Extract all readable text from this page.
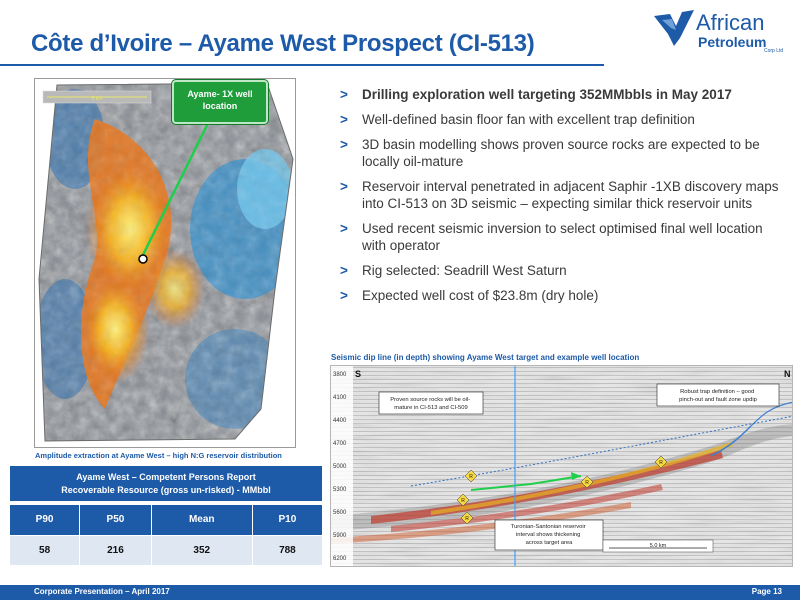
Côte d’Ivoire – Ayame West Prospect (CI-513)
African
Petroleum
Corp Ltd
5 km	Ayame- 1X well location
Amplitude extraction at Ayame West – high N:G reservoir distribution
>	Drilling exploration well targeting 352MMbbls in May 2017
>	Well-defined basin floor fan with excellent trap definition
>	3D basin modelling shows proven source rocks are expected to be locally oil-mature
>	Reservoir interval penetrated in adjacent Saphir -1XB discovery maps into CI-513 on 3D seismic – expecting similar thick reservoir units
>	Used recent seismic inversion to select optimised final well location with operator
>	Rig selected: Seadrill West Saturn
>	Expected well cost of $23.8m (dry hole)
Seismic dip line (in depth) showing Ayame West target and example well location
3800
4100
4400
4700
5000
5300
5600
5900
6200
S	N
Proven source rocks will be oil- mature in CI-513 and CI-509
Robust trap definition – good pinch-out and fault zone updip
Turonian-Santonian reservoir interval shows thickening across target area	5.0 km
R
R
R
R
R
Ayame West – Competent Persons Report
Recoverable Resource (gross un-risked) - MMbbl
P90	P50	Mean	P10
58	216	352	788
Corporate Presentation – April 2017	Page 13
